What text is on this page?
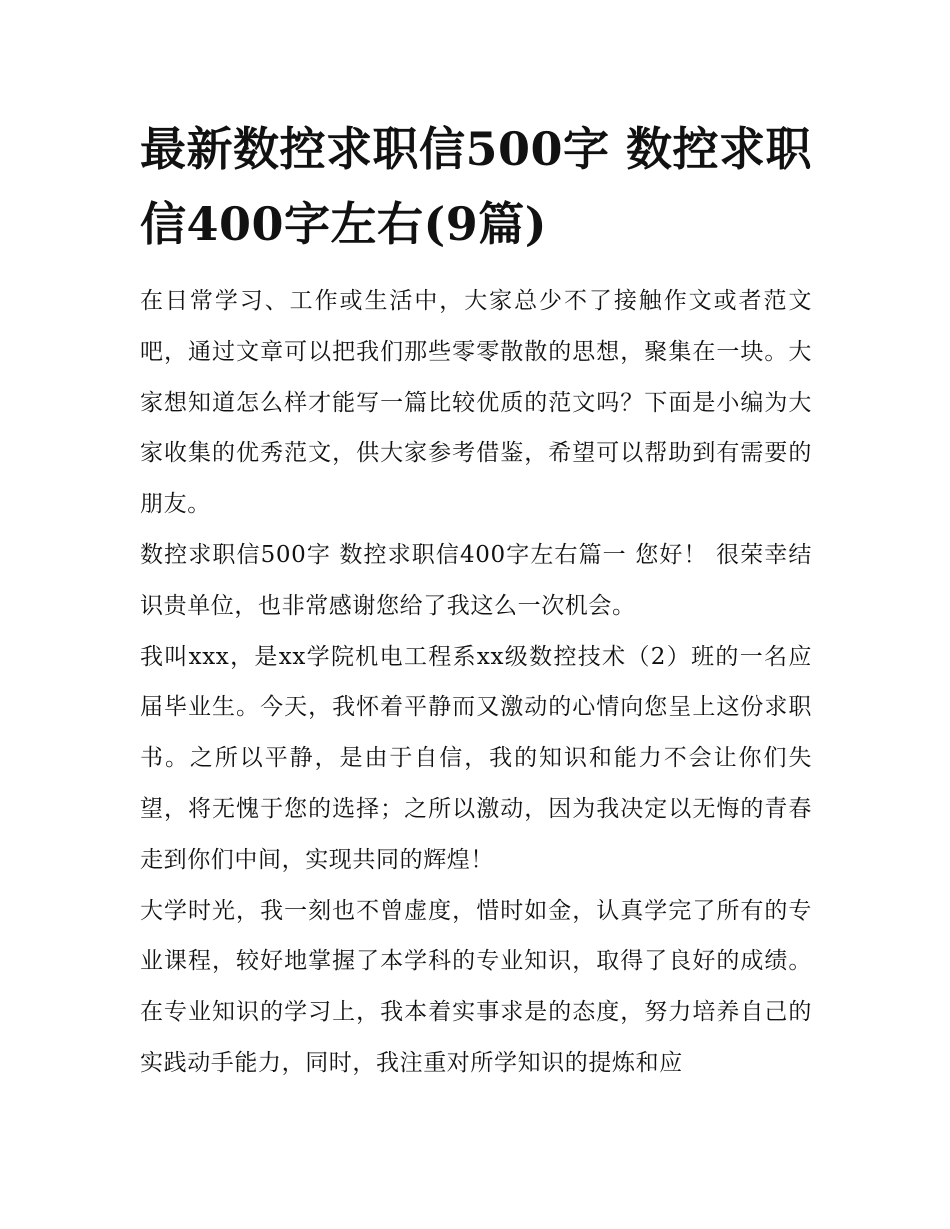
最新数控求职信500字 数控求职信400字左右(9篇)

在日常学习、工作或生活中，大家总少不了接触作文或者范文吧，通过文章可以把我们那些零零散散的思想，聚集在一块。大家想知道怎么样才能写一篇比较优质的范文吗？下面是小编为大家收集的优秀范文，供大家参考借鉴，希望可以帮助到有需要的朋友。

数控求职信500字 数控求职信400字左右篇一 您好！ 很荣幸结识贵单位，也非常感谢您给了我这么一次机会。

我叫xxx，是xx学院机电工程系xx级数控技术（2）班的一名应届毕业生。今天，我怀着平静而又激动的心情向您呈上这份求职书。之所以平静，是由于自信，我的知识和能力不会让你们失望，将无愧于您的选择；之所以激动，因为我决定以无悔的青春走到你们中间，实现共同的辉煌！

大学时光，我一刻也不曾虚度，惜时如金，认真学完了所有的专业课程，较好地掌握了本学科的专业知识，取得了良好的成绩。在专业知识的学习上，我本着实事求是的态度，努力培养自己的实践动手能力，同时，我注重对所学知识的提炼和应
